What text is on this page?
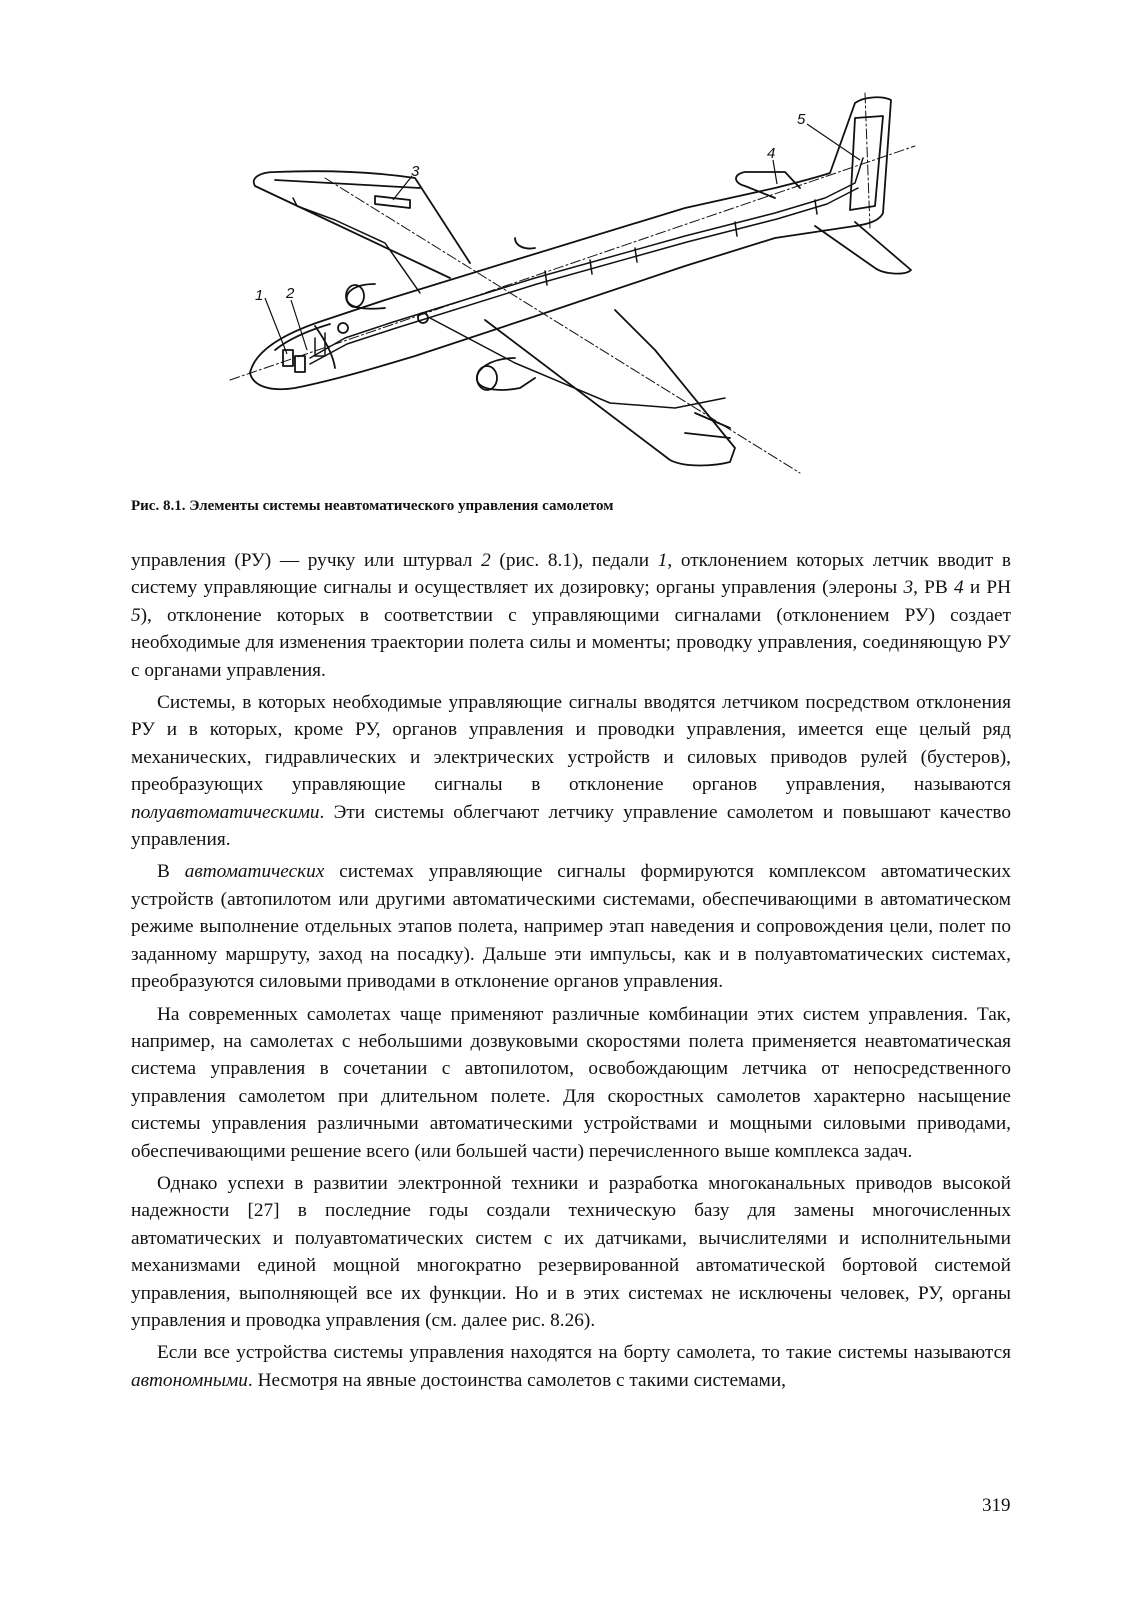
1 2
3
4
5
Рис. 8.1. Элементы системы неавтоматического управления самолетом

управления (РУ) — ручку или штурвал 2 (рис. 8.1), педали 1, отклонением которых летчик вводит в систему управляющие сигналы и осуществляет их дозировку; органы управления (элероны 3, РВ 4 и РН 5), отклонение которых в соответствии с управляющими сигналами (отклонением РУ) создает необходимые для изменения траектории полета силы и моменты; проводку управления, соединяющую РУ с органами управления.

Системы, в которых необходимые управляющие сигналы вводятся летчиком посредством отклонения РУ и в которых, кроме РУ, органов управления и проводки управления, имеется еще целый ряд механических, гидравлических и электрических устройств и силовых приводов рулей (бустеров), преобразующих управляющие сигналы в отклонение органов управления, называются полуавтоматическими. Эти системы облегчают летчику управление самолетом и повышают качество управления.

В автоматических системах управляющие сигналы формируются комплексом автоматических устройств (автопилотом или другими автоматическими системами, обеспечивающими в автоматическом режиме выполнение отдельных этапов полета, например этап наведения и сопровождения цели, полет по заданному маршруту, заход на посадку). Дальше эти импульсы, как и в полуавтоматических системах, преобразуются силовыми приводами в отклонение органов управления.

На современных самолетах чаще применяют различные комбинации этих систем управления. Так, например, на самолетах с небольшими дозвуковыми скоростями полета применяется неавтоматическая система управления в сочетании с автопилотом, освобождающим летчика от непосредственного управления самолетом при длительном полете. Для скоростных самолетов характерно насыщение системы управления различными автоматическими устройствами и мощными силовыми приводами, обеспечивающими решение всего (или большей части) перечисленного выше комплекса задач.

Однако успехи в развитии электронной техники и разработка многоканальных приводов высокой надежности [27] в последние годы создали техническую базу для замены многочисленных автоматических и полуавтоматических систем с их датчиками, вычислителями и исполнительными механизмами единой мощной многократно резервированной автоматической бортовой системой управления, выполняющей все их функции. Но и в этих системах не исключены человек, РУ, органы управления и проводка управления (см. далее рис. 8.26).

Если все устройства системы управления находятся на борту самолета, то такие системы называются автономными. Несмотря на явные достоинства самолетов с такими системами,

319
